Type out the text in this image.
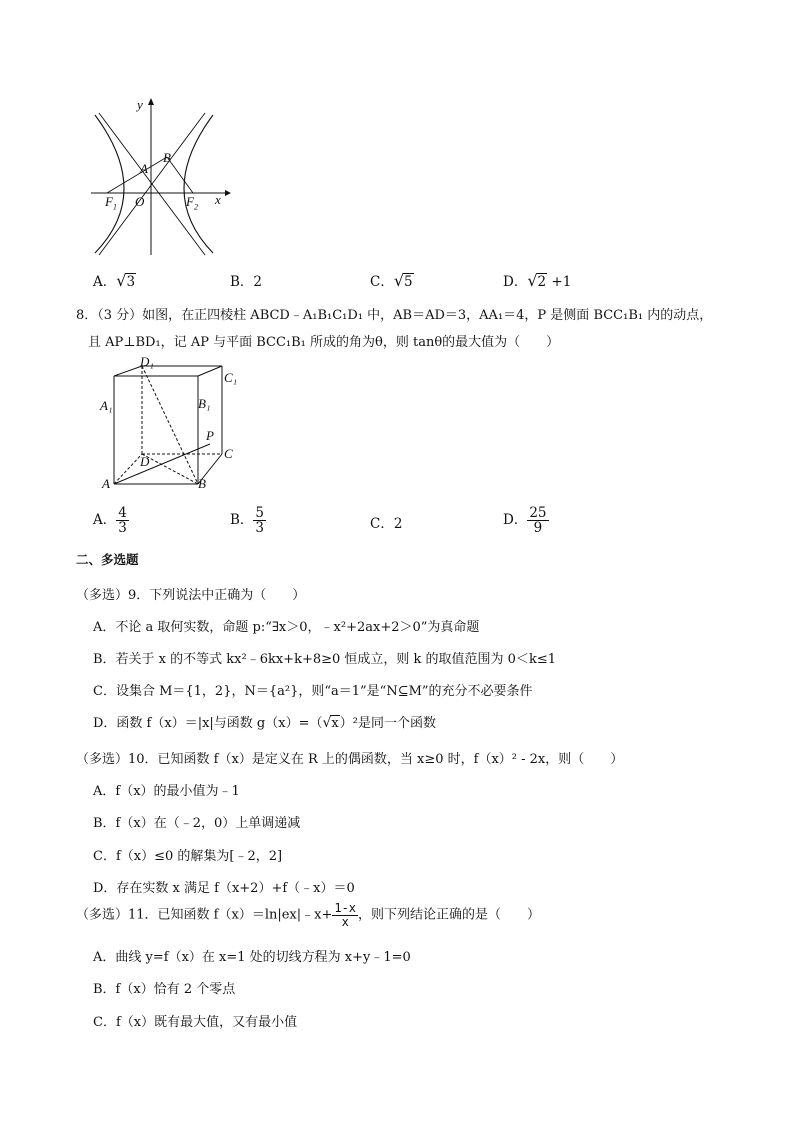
y
x
A
B
O
$F_1$	$F_2$
A．√3	B．2	C．√5	D．√2 +1
8．（3 分）如图，在正四棱柱 ABCD﹣A₁B₁C₁D₁ 中，AB＝AD＝3，AA₁＝4，P 是侧面 BCC₁B₁ 内的动点，
且 AP⊥BD₁，记 AP 与平面 BCC₁B₁ 所成的角为θ，则 tanθ的最大值为（　　）
D₁
C₁
A₁	B₁
P
D
C
A	B
A． $\frac{4}{3}$	B． $\frac{5}{3}$	C．2	D． $\frac{25}{9}$
二、多选题
（多选）9．下列说法中正确为（　　）
A．不论 a 取何实数，命题 p:“∃x＞0，﹣x²+2ax+2＞0”为真命题
B．若关于 x 的不等式 kx²﹣6kx+k+8≥0 恒成立，则 k 的取值范围为 0＜k≤1
C．设集合 M＝{1，2}，N＝{a²}，则“a＝1”是“N⊆M”的充分不必要条件
D．函数 f（x）＝|x|与函数 g（x）=（√x）²是同一个函数
（多选）10．已知函数 f（x）是定义在 R 上的偶函数，当 x≥0 时，f（x）² - 2x，则（　　）
A．f（x）的最小值为﹣1
B．f（x）在（﹣2，0）上单调递减
C．f（x）≤0 的解集为[﹣2，2]
D．存在实数 x 满足 f（x+2）+f（﹣x）＝0
（多选）11．已知函数 f（x）＝ln|ex|﹣x+ $\frac{1-x}{x}$ ，则下列结论正确的是（　　）
A．曲线 y=f（x）在 x=1 处的切线方程为 x+y﹣1=0
B．f（x）恰有 2 个零点
C．f（x）既有最大值，又有最小值
